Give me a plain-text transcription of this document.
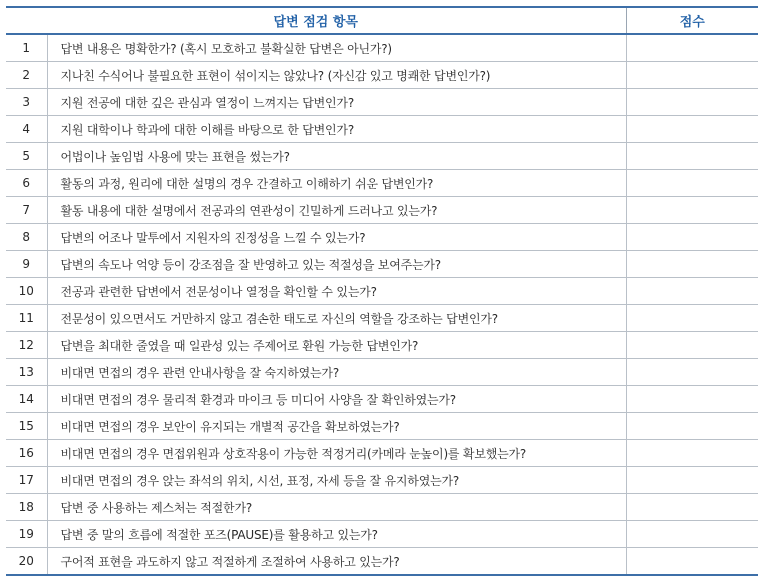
답변 점검 항목		점수
1	답변 내용은 명확한가? (혹시 모호하고 불확실한 답변은 아닌가?)	
2	지나친 수식어나 불필요한 표현이 섞이지는 않았나? (자신감 있고 명쾌한 답변인가?)	
3	지원 전공에 대한 깊은 관심과 열정이 느껴지는 답변인가?	
4	지원 대학이나 학과에 대한 이해를 바탕으로 한 답변인가?	
5	어법이나 높임법 사용에 맞는 표현을 썼는가?	
6	활동의 과정, 원리에 대한 설명의 경우 간결하고 이해하기 쉬운 답변인가?	
7	활동 내용에 대한 설명에서 전공과의 연관성이 긴밀하게 드러나고 있는가?	
8	답변의 어조나 말투에서 지원자의 진정성을 느낄 수 있는가?	
9	답변의 속도나 억양 등이 강조점을 잘 반영하고 있는 적절성을 보여주는가?	
10	전공과 관련한 답변에서 전문성이나 열정을 확인할 수 있는가?	
11	전문성이 있으면서도 거만하지 않고 겸손한 태도로 자신의 역할을 강조하는 답변인가?	
12	답변을 최대한 줄였을 때 일관성 있는 주제어로 환원 가능한 답변인가?	
13	비대면 면접의 경우 관련 안내사항을 잘 숙지하였는가?	
14	비대면 면접의 경우 물리적 환경과 마이크 등 미디어 사양을 잘 확인하였는가?	
15	비대면 면접의 경우 보안이 유지되는 개별적 공간을 확보하였는가?	
16	비대면 면접의 경우 면접위원과 상호작용이 가능한 적정거리(카메라 눈높이)를 확보했는가?	
17	비대면 면접의 경우 앉는 좌석의 위치, 시선, 표정, 자세 등을 잘 유지하였는가?	
18	답변 중 사용하는 제스처는 적절한가?	
19	답변 중 말의 흐름에 적절한 포즈(PAUSE)를 활용하고 있는가?	
20	구어적 표현을 과도하지 않고 적절하게 조절하여 사용하고 있는가?	
